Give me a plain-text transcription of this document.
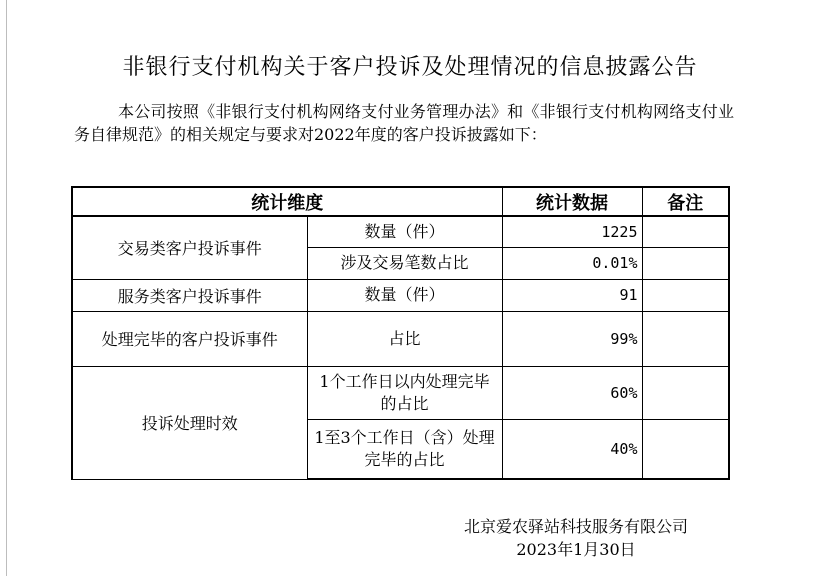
非银行支付机构关于客户投诉及处理情况的信息披露公告

本公司按照《非银行支付机构网络支付业务管理办法》和《非银行支付机构网络支付业务自律规范》的相关规定与要求对2022年度的客户投诉披露如下：

统计维度		统计数据	备注
交易类客户投诉事件	数量（件）	1225	
	涉及交易笔数占比	0.01%	
服务类客户投诉事件	数量（件）	91	
处理完毕的客户投诉事件	占比	99%	
投诉处理时效	1个工作日以内处理完毕的占比	60%	
	1至3个工作日（含）处理完毕的占比	40%	
北京爱农驿站科技服务有限公司
2023年1月30日
